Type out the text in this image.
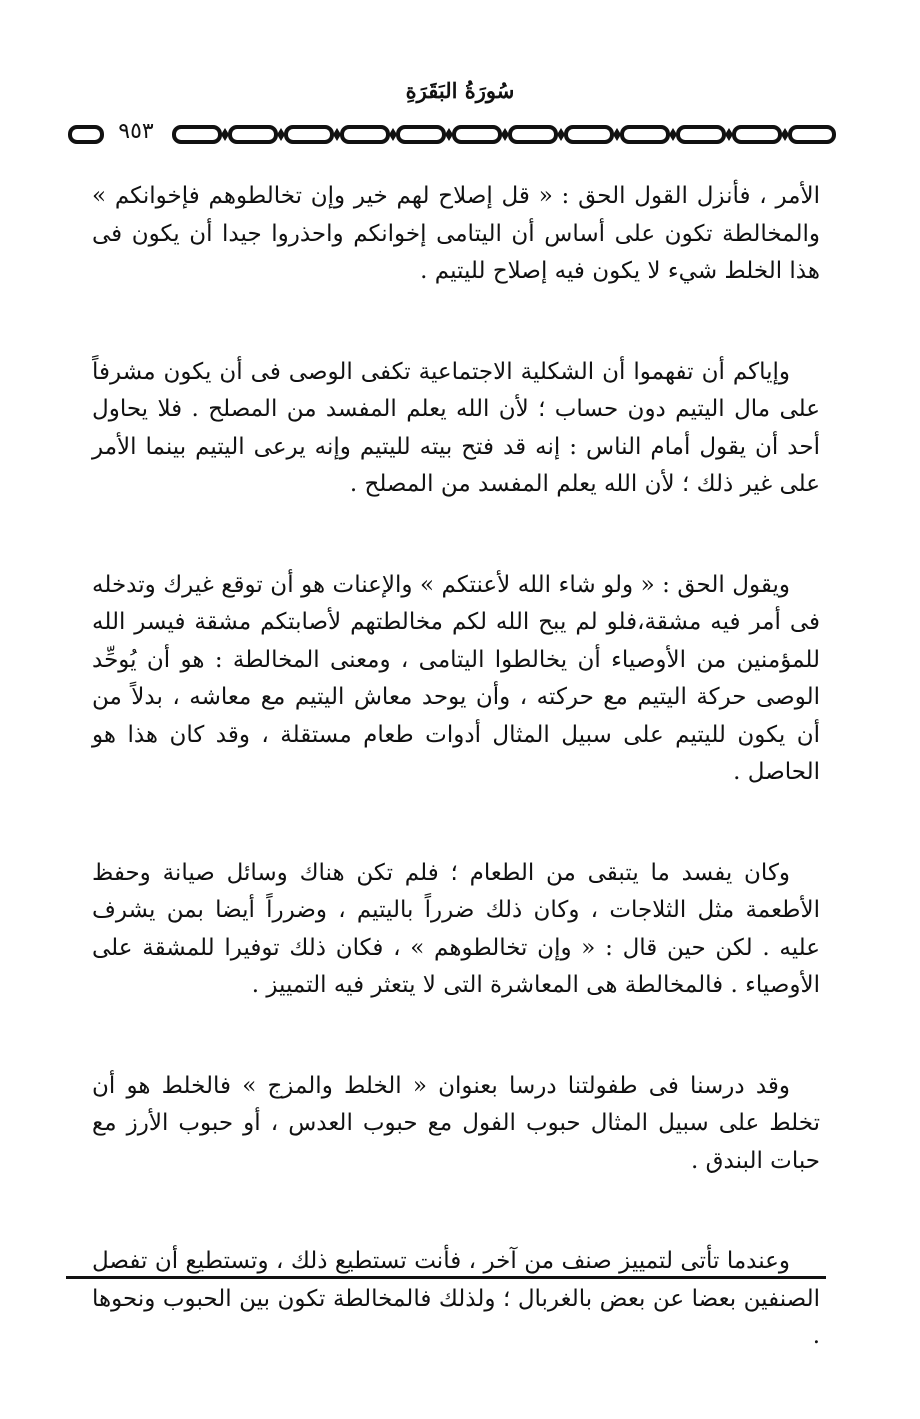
سُورَةُ البَقَرَةِ
٩٥٣

الأمر ، فأنزل القول الحق : « قل إصلاح لهم خير وإن تخالطوهم فإخوانكم » والمخالطة تكون على أساس أن اليتامى إخوانكم واحذروا جيدا أن يكون فى هذا الخلط شيء لا يكون فيه إصلاح لليتيم .

وإياكم أن تفهموا أن الشكلية الاجتماعية تكفى الوصى فى أن يكون مشرفاً على مال اليتيم دون حساب ؛ لأن الله يعلم المفسد من المصلح . فلا يحاول أحد أن يقول أمام الناس : إنه قد فتح بيته لليتيم وإنه يرعى اليتيم بينما الأمر على غير ذلك ؛ لأن الله يعلم المفسد من المصلح .

ويقول الحق : « ولو شاء الله لأعنتكم » والإعنات هو أن توقع غيرك وتدخله فى أمر فيه مشقة،فلو لم يبح الله لكم مخالطتهم لأصابتكم مشقة فيسر الله للمؤمنين من الأوصياء أن يخالطوا اليتامى ، ومعنى المخالطة : هو أن يُوحِّد الوصى حركة اليتيم مع حركته ، وأن يوحد معاش اليتيم مع معاشه ، بدلاً من أن يكون لليتيم على سبيل المثال أدوات طعام مستقلة ، وقد كان هذا هو الحاصل .

وكان يفسد ما يتبقى من الطعام ؛ فلم تكن هناك وسائل صيانة وحفظ الأطعمة مثل الثلاجات ، وكان ذلك ضرراً باليتيم ، وضرراً أيضا بمن يشرف عليه . لكن حين قال : « وإن تخالطوهم » ، فكان ذلك توفيرا للمشقة على الأوصياء . فالمخالطة هى المعاشرة التى لا يتعثر فيه التمييز .

وقد درسنا فى طفولتنا درسا بعنوان « الخلط والمزج » فالخلط هو أن تخلط على سبيل المثال حبوب الفول مع حبوب العدس ، أو حبوب الأرز مع حبات البندق .

وعندما تأتى لتمييز صنف من آخر ، فأنت تستطيع ذلك ، وتستطيع أن تفصل الصنفين بعضا عن بعض بالغربال ؛ ولذلك فالمخالطة تكون بين الحبوب ونحوها .
